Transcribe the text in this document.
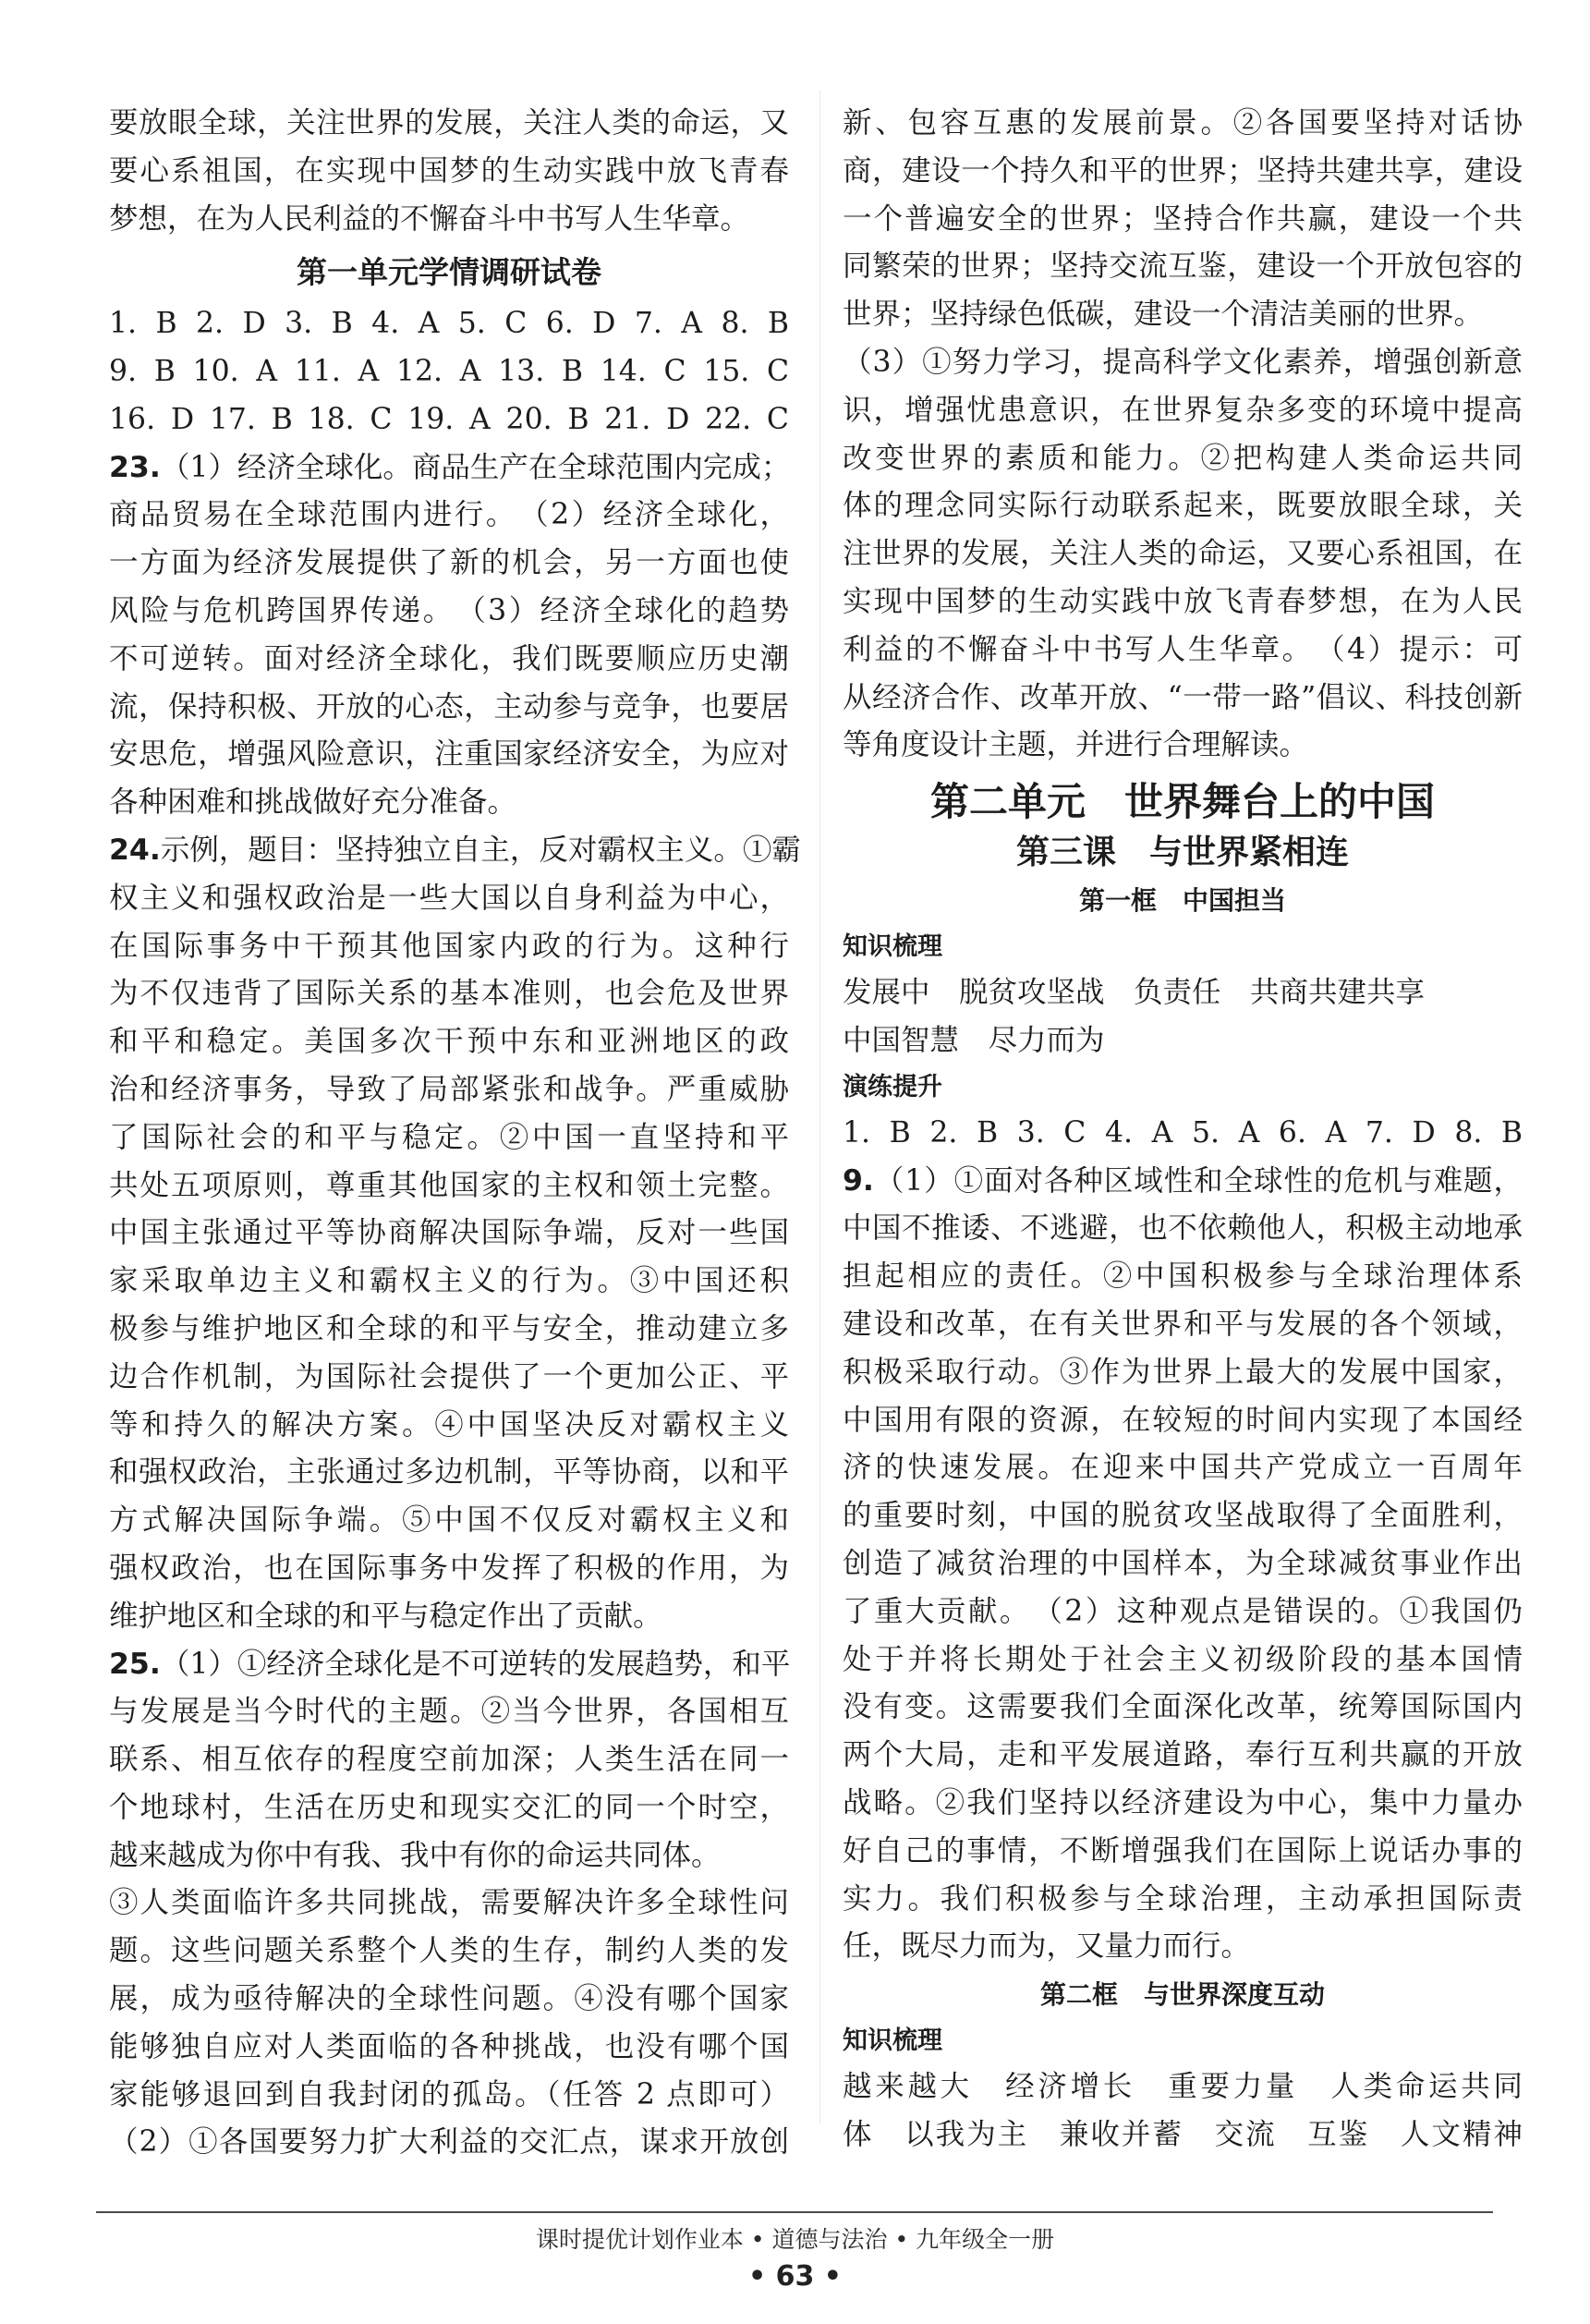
要放眼全球，关注世界的发展，关注人类的命运，又

要心系祖国，在实现中国梦的生动实践中放飞青春

梦想，在为人民利益的不懈奋斗中书写人生华章。

第一单元学情调研试卷

1. B 2. D 3. B 4. A 5. C 6. D 7. A 8. B

9. B 10. A 11. A 12. A 13. B 14. C 15. C

16. D 17. B 18. C 19. A 20. B 21. D 22. C

23.（1）经济全球化。商品生产在全球范围内完成；

商品贸易在全球范围内进行。　（2）经济全球化，

一方面为经济发展提供了新的机会，另一方面也使

风险与危机跨国界传递。　（3）经济全球化的趋势

不可逆转。面对经济全球化，我们既要顺应历史潮

流，保持积极、开放的心态，主动参与竞争，也要居

安思危，增强风险意识，注重国家经济安全，为应对

各种困难和挑战做好充分准备。

24.示例，题目：坚持独立自主，反对霸权主义。①霸

权主义和强权政治是一些大国以自身利益为中心，

在国际事务中干预其他国家内政的行为。这种行

为不仅违背了国际关系的基本准则，也会危及世界

和平和稳定。美国多次干预中东和亚洲地区的政

治和经济事务，导致了局部紧张和战争。严重威胁

了国际社会的和平与稳定。②中国一直坚持和平

共处五项原则，尊重其他国家的主权和领土完整。

中国主张通过平等协商解决国际争端，反对一些国

家采取单边主义和霸权主义的行为。③中国还积

极参与维护地区和全球的和平与安全，推动建立多

边合作机制，为国际社会提供了一个更加公正、平

等和持久的解决方案。④中国坚决反对霸权主义

和强权政治，主张通过多边机制，平等协商，以和平

方式解决国际争端。⑤中国不仅反对霸权主义和

强权政治，也在国际事务中发挥了积极的作用，为

维护地区和全球的和平与稳定作出了贡献。

25.（1）①经济全球化是不可逆转的发展趋势，和平

与发展是当今时代的主题。②当今世界，各国相互

联系、相互依存的程度空前加深；人类生活在同一

个地球村，生活在历史和现实交汇的同一个时空，

越来越成为你中有我、我中有你的命运共同体。

③人类面临许多共同挑战，需要解决许多全球性问

题。这些问题关系整个人类的生存，制约人类的发

展，成为亟待解决的全球性问题。④没有哪个国家

能够独自应对人类面临的各种挑战，也没有哪个国

家能够退回到自我封闭的孤岛。（任答 2 点即可）

（2）①各国要努力扩大利益的交汇点，谋求开放创

新、包容互惠的发展前景。②各国要坚持对话协

商，建设一个持久和平的世界；坚持共建共享，建设

一个普遍安全的世界；坚持合作共赢，建设一个共

同繁荣的世界；坚持交流互鉴，建设一个开放包容的

世界；坚持绿色低碳，建设一个清洁美丽的世界。

（3）①努力学习，提高科学文化素养，增强创新意

识，增强忧患意识，在世界复杂多变的环境中提高

改变世界的素质和能力。②把构建人类命运共同

体的理念同实际行动联系起来，既要放眼全球，关

注世界的发展，关注人类的命运，又要心系祖国，在

实现中国梦的生动实践中放飞青春梦想，在为人民

利益的不懈奋斗中书写人生华章。　（4）提示：可

从经济合作、改革开放、“一带一路”倡议、科技创新

等角度设计主题，并进行合理解读。

第二单元　世界舞台上的中国

第三课　与世界紧相连

第一框　中国担当

知识梳理

发展中　脱贫攻坚战　负责任　共商共建共享

中国智慧　尽力而为

演练提升

1. B 2. B 3. C 4. A 5. A 6. A 7. D 8. B

9.（1）①面对各种区域性和全球性的危机与难题，

中国不推诿、不逃避，也不依赖他人，积极主动地承

担起相应的责任。②中国积极参与全球治理体系

建设和改革，在有关世界和平与发展的各个领域，

积极采取行动。③作为世界上最大的发展中国家，

中国用有限的资源，在较短的时间内实现了本国经

济的快速发展。在迎来中国共产党成立一百周年

的重要时刻，中国的脱贫攻坚战取得了全面胜利，

创造了减贫治理的中国样本，为全球减贫事业作出

了重大贡献。　（2）这种观点是错误的。①我国仍

处于并将长期处于社会主义初级阶段的基本国情

没有变。这需要我们全面深化改革，统筹国际国内

两个大局，走和平发展道路，奉行互利共赢的开放

战略。②我们坚持以经济建设为中心，集中力量办

好自己的事情，不断增强我们在国际上说话办事的

实力。我们积极参与全球治理，主动承担国际责

任，既尽力而为，又量力而行。

第二框　与世界深度互动

知识梳理

越来越大　经济增长　重要力量　人类命运共同

体　以我为主　兼收并蓄　交流　互鉴　人文精神

课时提优计划作业本 • 道德与法治 • 九年级全一册
• 63 •
